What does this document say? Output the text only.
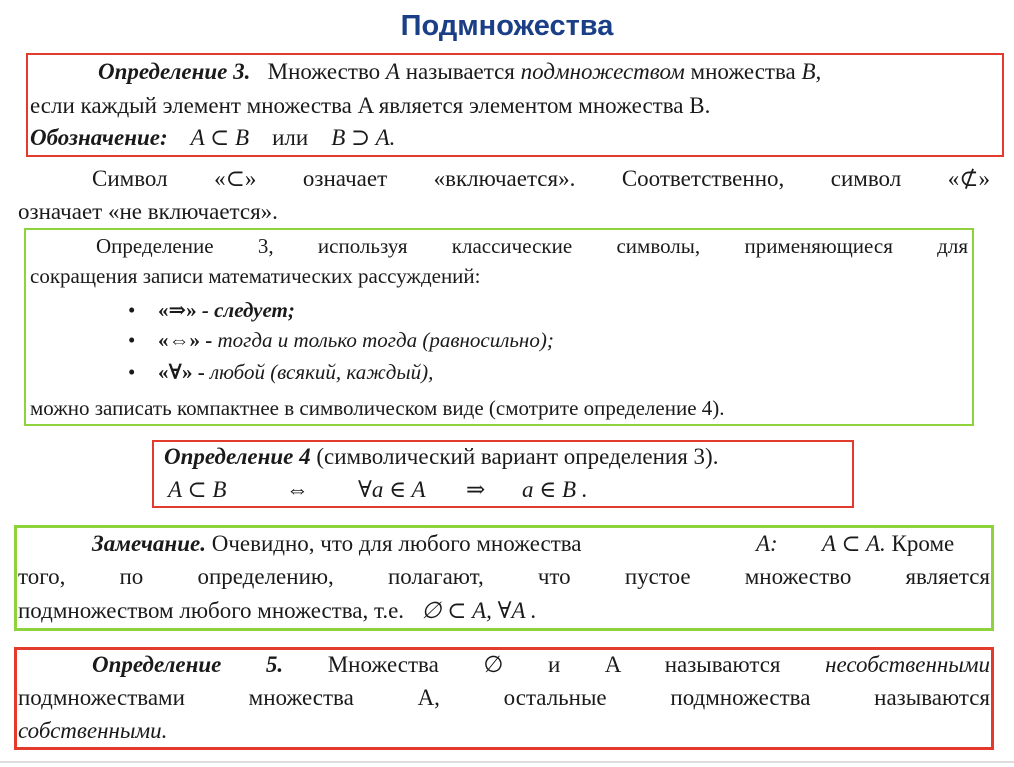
Подмножества
Определение 3. Множество A называется подмножеством множества B,
если каждый элемент множества A является элементом множества B.
Обозначение: A ⊂ B или B ⊃ A.
Символ «⊂» означает «включается». Соответственно, символ «⊄»
означает «не включается».
Определение 3, используя классические символы, применяющиеся для
сокращения записи математических рассуждений:
• «⇒» - следует;
• «⇔» - тогда и только тогда (равносильно);
• «∀» - любой (всякий, каждый),
можно записать компактнее в символическом виде (смотрите определение 4).
Определение 4 (символический вариант определения 3).
A ⊂ B	⇔ ∀a ∈ A ⇒ a ∈ B .
Замечание. Очевидно, что для любого множества	A: A ⊂ A. Кроме
того, по определению, полагают, что пустое множество является
подмножеством любого множества, т.е. ∅ ⊂ A, ∀A .
Определение 5. Множества ∅ и A называются несобственными
подмножествами множества A, остальные подмножества называются
собственными.
